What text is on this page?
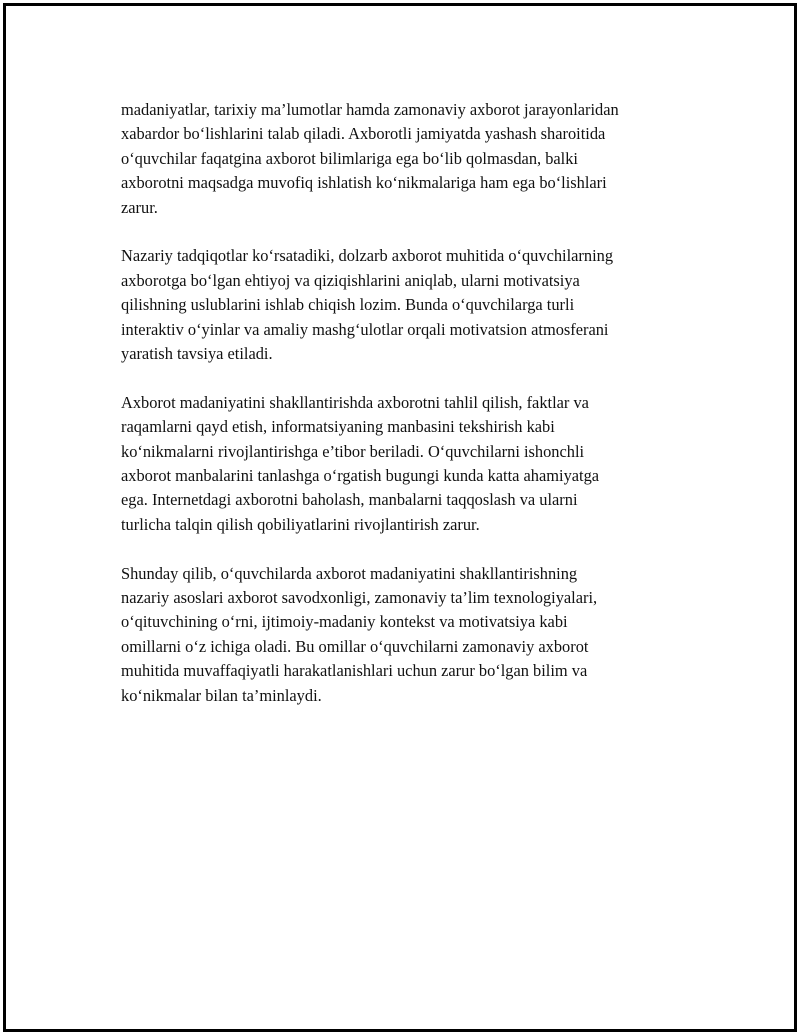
madaniyatlar, tarixiy ma’lumotlar hamda zamonaviy axborot jarayonlaridan
xabardor bo‘lishlarini talab qiladi. Axborotli jamiyatda yashash sharoitida
o‘quvchilar faqatgina axborot bilimlariga ega bo‘lib qolmasdan, balki
axborotni maqsadga muvofiq ishlatish ko‘nikmalariga ham ega bo‘lishlari
zarur.

Nazariy tadqiqotlar ko‘rsatadiki, dolzarb axborot muhitida o‘quvchilarning
axborotga bo‘lgan ehtiyoj va qiziqishlarini aniqlab, ularni motivatsiya
qilishning uslublarini ishlab chiqish lozim. Bunda o‘quvchilarga turli
interaktiv o‘yinlar va amaliy mashg‘ulotlar orqali motivatsion atmosferani
yaratish tavsiya etiladi.

Axborot madaniyatini shakllantirishda axborotni tahlil qilish, faktlar va
raqamlarni qayd etish, informatsiyaning manbasini tekshirish kabi
ko‘nikmalarni rivojlantirishga e’tibor beriladi. O‘quvchilarni ishonchli
axborot manbalarini tanlashga o‘rgatish bugungi kunda katta ahamiyatga
ega. Internetdagi axborotni baholash, manbalarni taqqoslash va ularni
turlicha talqin qilish qobiliyatlarini rivojlantirish zarur.

Shunday qilib, o‘quvchilarda axborot madaniyatini shakllantirishning
nazariy asoslari axborot savodxonligi, zamonaviy ta’lim texnologiyalari,
o‘qituvchining o‘rni, ijtimoiy-madaniy kontekst va motivatsiya kabi
omillarni o‘z ichiga oladi. Bu omillar o‘quvchilarni zamonaviy axborot
muhitida muvaffaqiyatli harakatlanishlari uchun zarur bo‘lgan bilim va
ko‘nikmalar bilan ta’minlaydi.
